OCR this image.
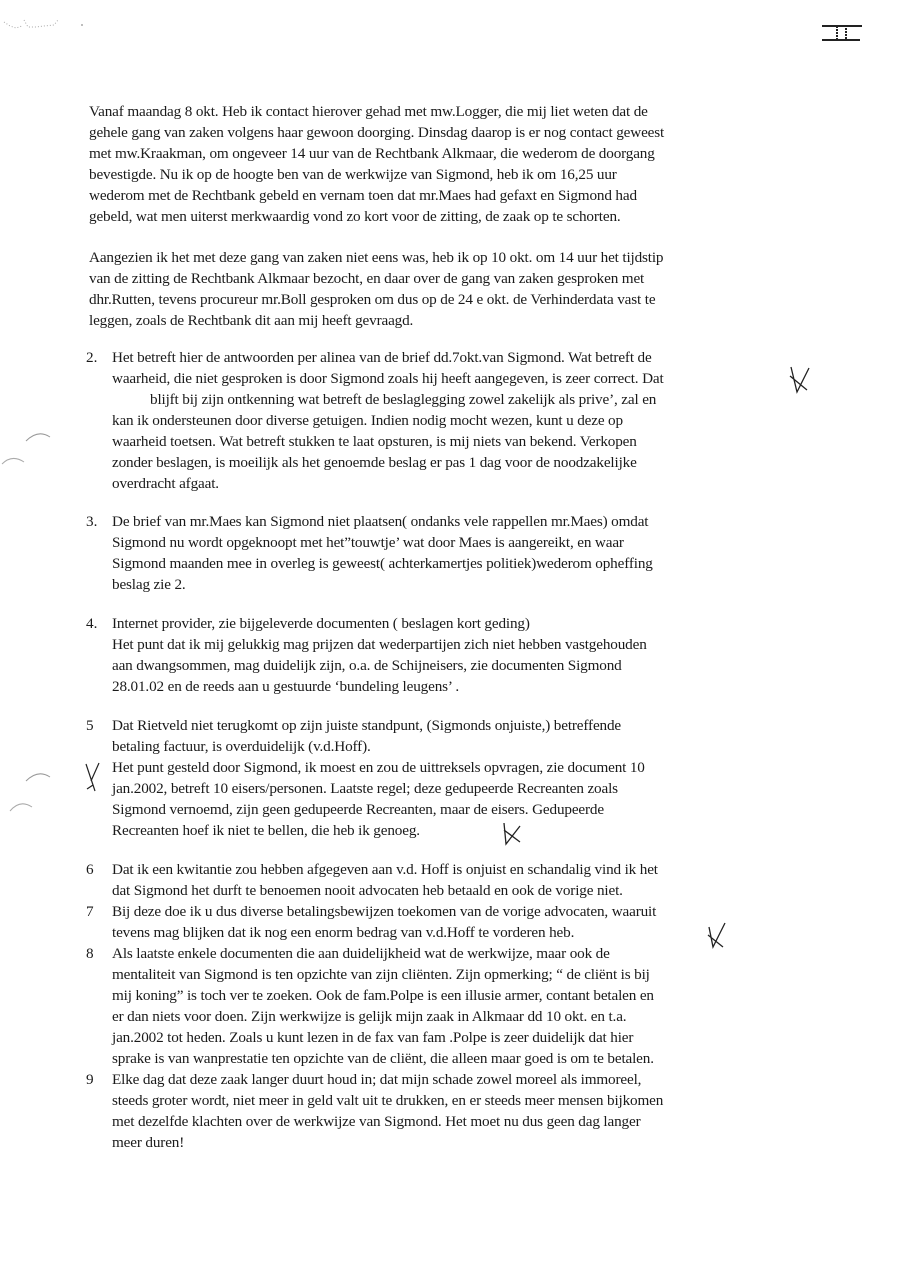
Vanaf maandag 8 okt. Heb ik contact hierover gehad met mw.Logger, die mij liet weten dat de
gehele gang van zaken volgens haar gewoon doorging. Dinsdag daarop is er nog contact geweest
met mw.Kraakman, om ongeveer 14 uur van de Rechtbank Alkmaar, die wederom de doorgang
bevestigde. Nu ik op de hoogte ben van de werkwijze van Sigmond, heb ik om 16,25 uur
wederom met de Rechtbank gebeld en vernam toen dat mr.Maes had gefaxt en Sigmond had
gebeld, wat men uiterst merkwaardig vond zo kort voor de zitting, de zaak op te schorten.
Aangezien ik het met deze gang van zaken niet eens was, heb ik op 10 okt. om 14 uur het tijdstip
van de zitting de Rechtbank Alkmaar bezocht, en daar over de gang van zaken gesproken met
dhr.Rutten, tevens procureur mr.Boll gesproken om dus op de 24 e okt. de Verhinderdata vast te
leggen, zoals de Rechtbank dit aan mij heeft gevraagd.
2. Het betreft hier de antwoorden per alinea van de brief dd.7okt.van Sigmond. Wat betreft de
waarheid, die niet gesproken is door Sigmond zoals hij heeft aangegeven, is zeer correct. Dat
blijft bij zijn ontkenning wat betreft de beslaglegging zowel zakelijk als prive’, zal en
kan ik ondersteunen door diverse getuigen. Indien nodig mocht wezen, kunt u deze op
waarheid toetsen. Wat betreft stukken te laat opsturen, is mij niets van bekend. Verkopen
zonder beslagen, is moeilijk als het genoemde beslag er pas 1 dag voor de noodzakelijke
overdracht afgaat.
3. De brief van mr.Maes kan Sigmond niet plaatsen( ondanks vele rappellen mr.Maes) omdat
Sigmond nu wordt opgeknoopt met het”touwtje’ wat door Maes is aangereikt, en waar
Sigmond maanden mee in overleg is geweest( achterkamertjes politiek)wederom opheffing
beslag zie 2.
4. Internet provider, zie bijgeleverde documenten ( beslagen kort geding)
Het punt dat ik mij gelukkig mag prijzen dat wederpartijen zich niet hebben vastgehouden
aan dwangsommen, mag duidelijk zijn, o.a. de Schijneisers, zie documenten Sigmond
28.01.02 en de reeds aan u gestuurde ‘bundeling leugens’ .
5 Dat Rietveld niet terugkomt op zijn juiste standpunt, (Sigmonds onjuiste,) betreffende
betaling factuur, is overduidelijk (v.d.Hoff).
Het punt gesteld door Sigmond, ik moest en zou de uittreksels opvragen, zie document 10
jan.2002, betreft 10 eisers/personen. Laatste regel; deze gedupeerde Recreanten zoals
Sigmond vernoemd, zijn geen gedupeerde Recreanten, maar de eisers. Gedupeerde
Recreanten hoef ik niet te bellen, die heb ik genoeg.
6 Dat ik een kwitantie zou hebben afgegeven aan v.d. Hoff is onjuist en schandalig vind ik het
dat Sigmond het durft te benoemen nooit advocaten heb betaald en ook de vorige niet.
7 Bij deze doe ik u dus diverse betalingsbewijzen toekomen van de vorige advocaten, waaruit
tevens mag blijken dat ik nog een enorm bedrag van v.d.Hoff te vorderen heb.
8 Als laatste enkele documenten die aan duidelijkheid wat de werkwijze, maar ook de
mentaliteit van Sigmond is ten opzichte van zijn cliënten. Zijn opmerking; “ de cliënt is bij
mij koning” is toch ver te zoeken. Ook de fam.Polpe is een illusie armer, contant betalen en
er dan niets voor doen. Zijn werkwijze is gelijk mijn zaak in Alkmaar dd 10 okt. en t.a.
jan.2002 tot heden. Zoals u kunt lezen in de fax van fam .Polpe is zeer duidelijk dat hier
sprake is van wanprestatie ten opzichte van de cliënt, die alleen maar goed is om te betalen.
9 Elke dag dat deze zaak langer duurt houd in; dat mijn schade zowel moreel als immoreel,
steeds groter wordt, niet meer in geld valt uit te drukken, en er steeds meer mensen bijkomen
met dezelfde klachten over de werkwijze van Sigmond. Het moet nu dus geen dag langer
meer duren!
